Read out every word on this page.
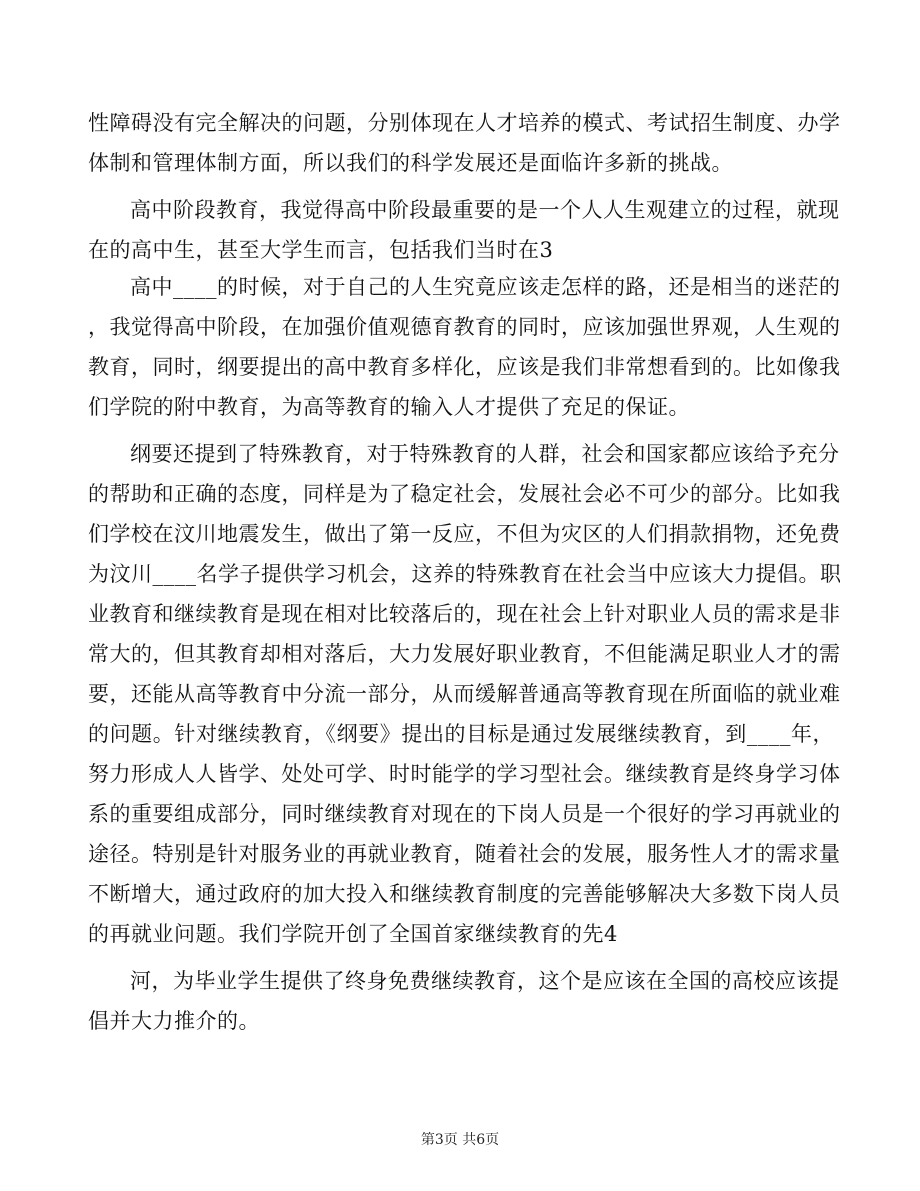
性障碍没有完全解决的问题，分别体现在人才培养的模式、考试招生制度、办学
体制和管理体制方面，所以我们的科学发展还是面临许多新的挑战。
高中阶段教育，我觉得高中阶段最重要的是一个人人生观建立的过程，就现
在的高中生，甚至大学生而言，包括我们当时在3
高中____的时候，对于自己的人生究竟应该走怎样的路，还是相当的迷茫的
，我觉得高中阶段，在加强价值观德育教育的同时，应该加强世界观，人生观的
教育，同时，纲要提出的高中教育多样化，应该是我们非常想看到的。比如像我
们学院的附中教育，为高等教育的输入人才提供了充足的保证。
纲要还提到了特殊教育，对于特殊教育的人群，社会和国家都应该给予充分
的帮助和正确的态度，同样是为了稳定社会，发展社会必不可少的部分。比如我
们学校在汶川地震发生，做出了第一反应，不但为灾区的人们捐款捐物，还免费
为汶川____名学子提供学习机会，这养的特殊教育在社会当中应该大力提倡。职
业教育和继续教育是现在相对比较落后的，现在社会上针对职业人员的需求是非
常大的，但其教育却相对落后，大力发展好职业教育，不但能满足职业人才的需
要，还能从高等教育中分流一部分，从而缓解普通高等教育现在所面临的就业难
的问题。针对继续教育，《纲要》提出的目标是通过发展继续教育，到____年，
努力形成人人皆学、处处可学、时时能学的学习型社会。继续教育是终身学习体
系的重要组成部分，同时继续教育对现在的下岗人员是一个很好的学习再就业的
途径。特别是针对服务业的再就业教育，随着社会的发展，服务性人才的需求量
不断增大，通过政府的加大投入和继续教育制度的完善能够解决大多数下岗人员
的再就业问题。我们学院开创了全国首家继续教育的先4
河，为毕业学生提供了终身免费继续教育，这个是应该在全国的高校应该提
倡并大力推介的。
第3页 共6页
